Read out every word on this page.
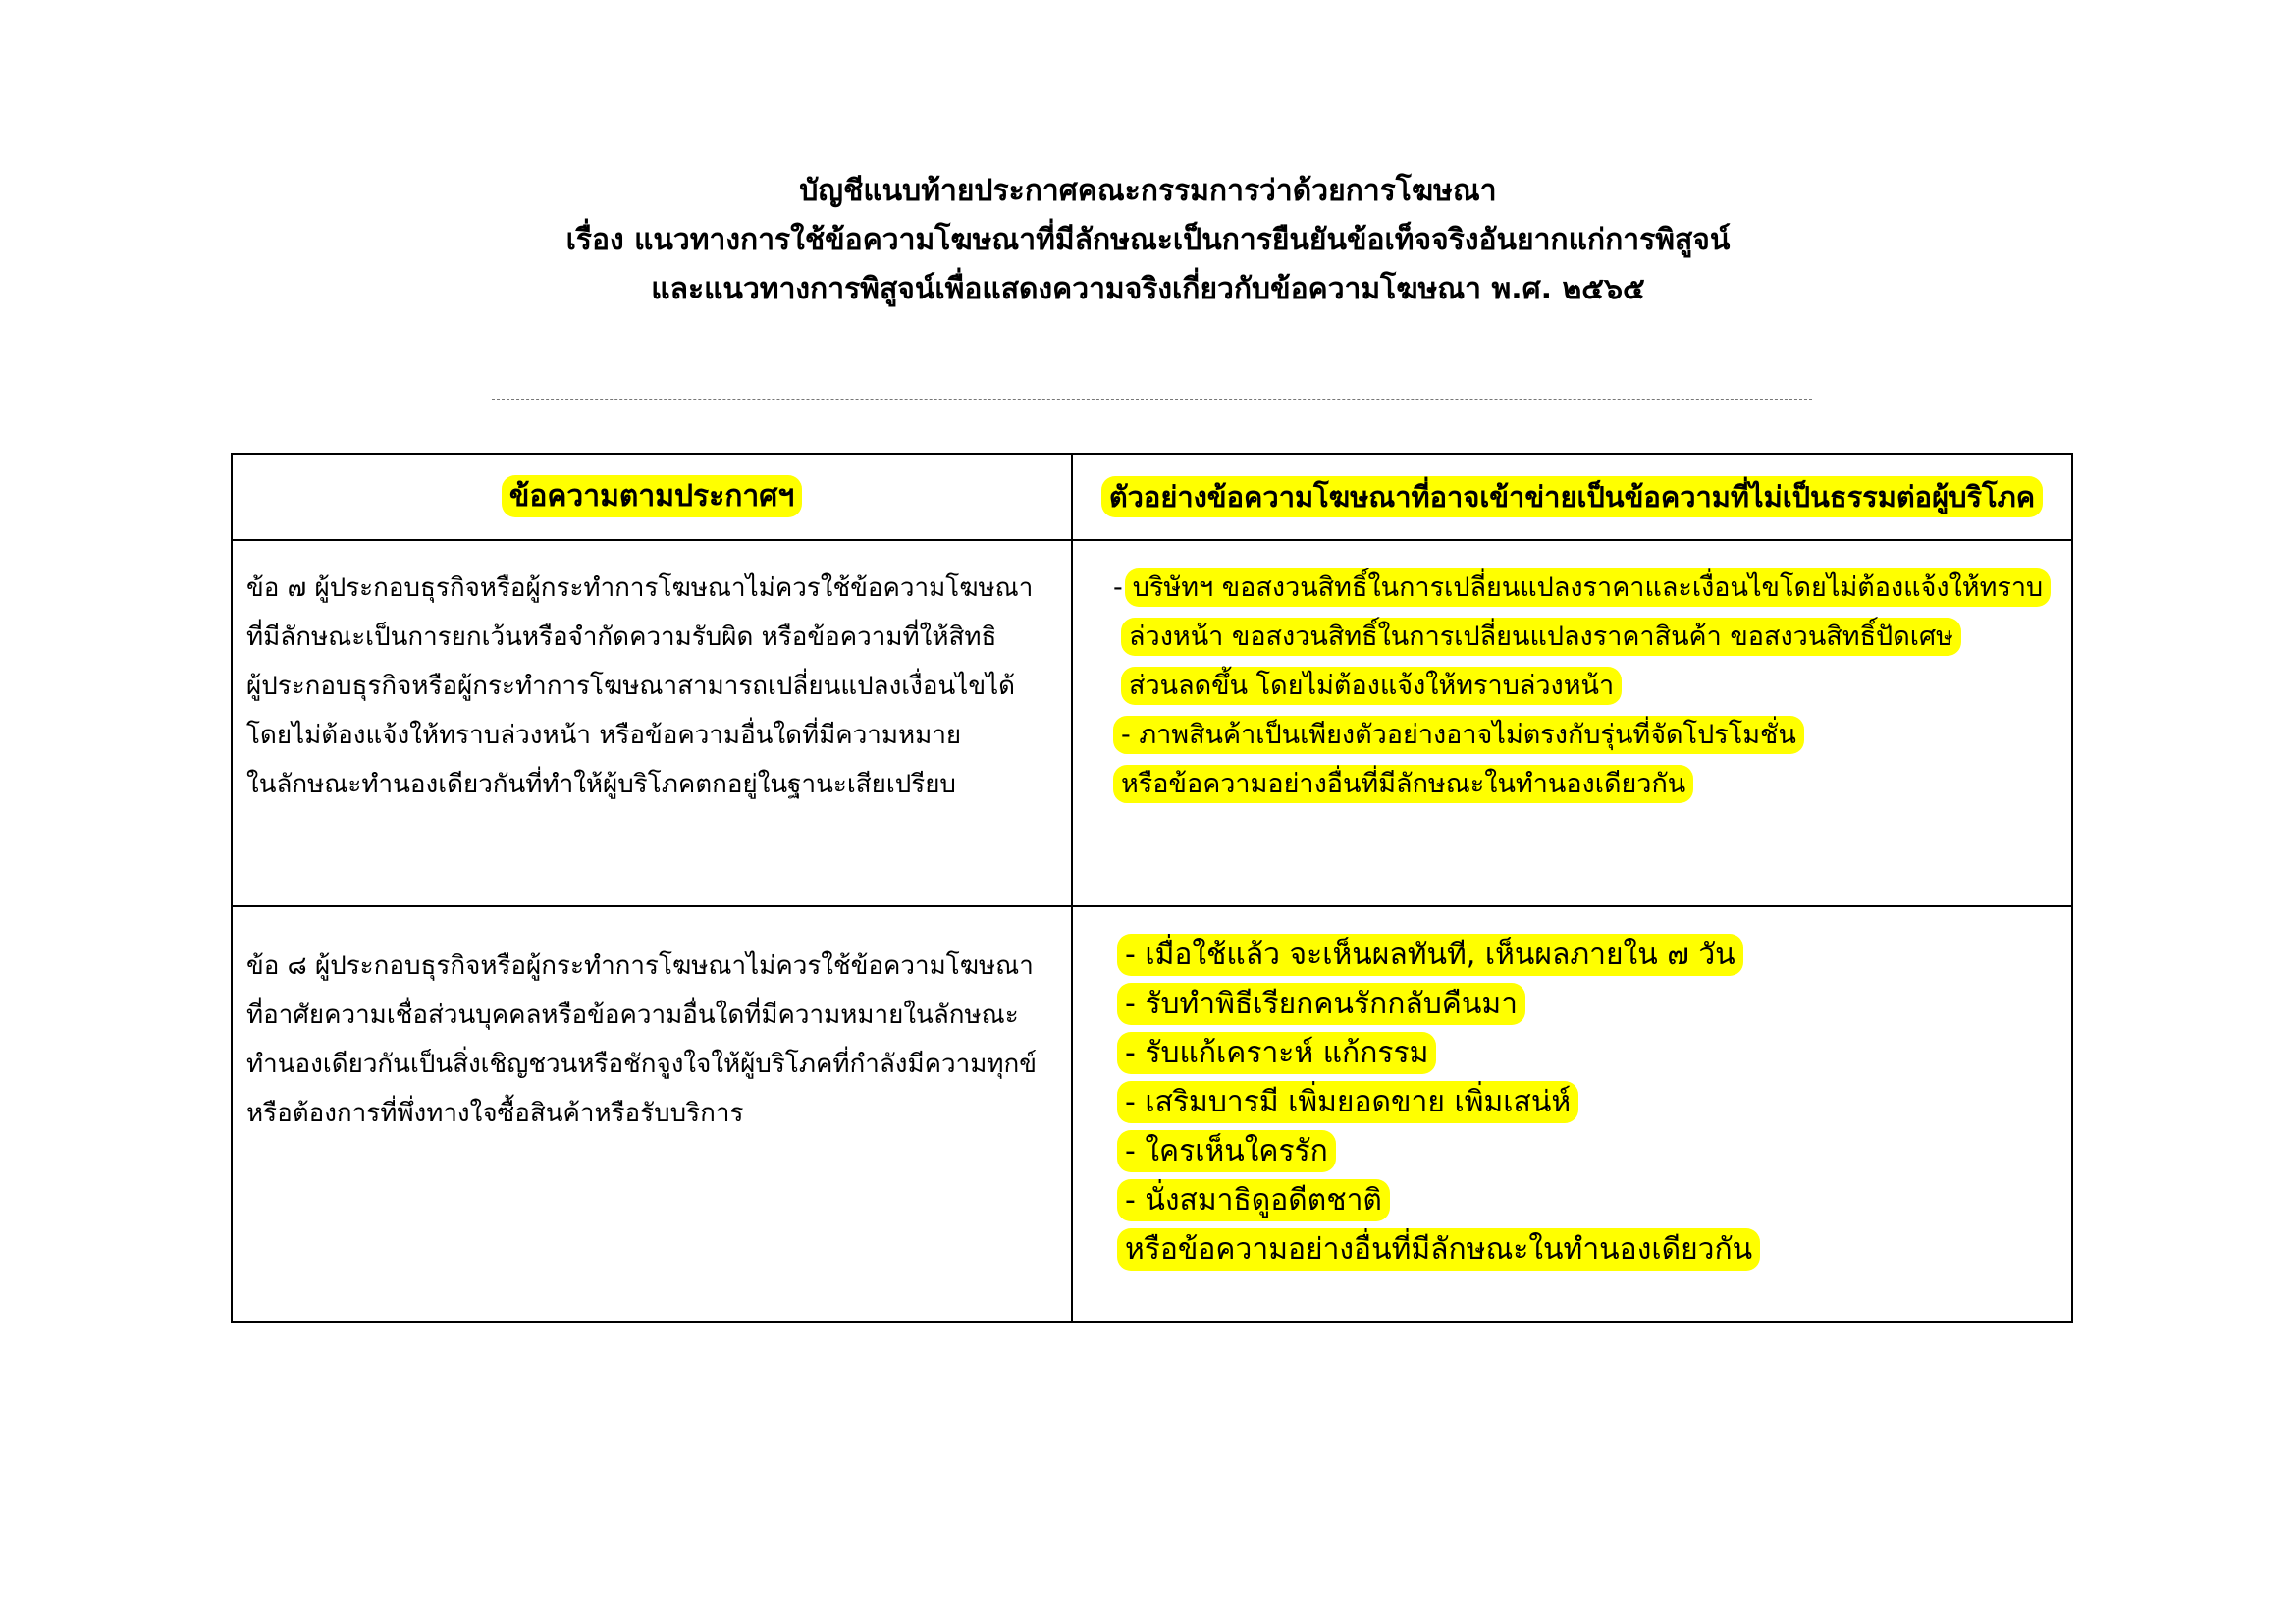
บัญชีแนบท้ายประกาศคณะกรรมการว่าด้วยการโฆษณา
เรื่อง แนวทางการใช้ข้อความโฆษณาที่มีลักษณะเป็นการยืนยันข้อเท็จจริงอันยากแก่การพิสูจน์
และแนวทางการพิสูจน์เพื่อแสดงความจริงเกี่ยวกับข้อความโฆษณา พ.ศ. ๒๕๖๕
ข้อความตามประกาศฯ	ตัวอย่างข้อความโฆษณาที่อาจเข้าข่ายเป็นข้อความที่ไม่เป็นธรรมต่อผู้บริโภค
ข้อ ๗ ผู้ประกอบธุรกิจหรือผู้กระทำการโฆษณาไม่ควรใช้ข้อความโฆษณา
ที่มีลักษณะเป็นการยกเว้นหรือจำกัดความรับผิด หรือข้อความที่ให้สิทธิ
ผู้ประกอบธุรกิจหรือผู้กระทำการโฆษณาสามารถเปลี่ยนแปลงเงื่อนไขได้
โดยไม่ต้องแจ้งให้ทราบล่วงหน้า หรือข้อความอื่นใดที่มีความหมาย
ในลักษณะทำนองเดียวกันที่ทำให้ผู้บริโภคตกอยู่ในฐานะเสียเปรียบ
- บริษัทฯ ขอสงวนสิทธิ์ในการเปลี่ยนแปลงราคาและเงื่อนไขโดยไม่ต้องแจ้งให้ทราบ
ล่วงหน้า ขอสงวนสิทธิ์ในการเปลี่ยนแปลงราคาสินค้า ขอสงวนสิทธิ์ปัดเศษ
ส่วนลดขึ้น โดยไม่ต้องแจ้งให้ทราบล่วงหน้า
- ภาพสินค้าเป็นเพียงตัวอย่างอาจไม่ตรงกับรุ่นที่จัดโปรโมชั่น
หรือข้อความอย่างอื่นที่มีลักษณะในทำนองเดียวกัน
ข้อ ๘ ผู้ประกอบธุรกิจหรือผู้กระทำการโฆษณาไม่ควรใช้ข้อความโฆษณา
ที่อาศัยความเชื่อส่วนบุคคลหรือข้อความอื่นใดที่มีความหมายในลักษณะ
ทำนองเดียวกันเป็นสิ่งเชิญชวนหรือชักจูงใจให้ผู้บริโภคที่กำลังมีความทุกข์
หรือต้องการที่พึ่งทางใจซื้อสินค้าหรือรับบริการ
- เมื่อใช้แล้ว จะเห็นผลทันที, เห็นผลภายใน ๗ วัน
- รับทำพิธีเรียกคนรักกลับคืนมา
- รับแก้เคราะห์ แก้กรรม
- เสริมบารมี เพิ่มยอดขาย เพิ่มเสน่ห์
- ใครเห็นใครรัก
- นั่งสมาธิดูอดีตชาติ
หรือข้อความอย่างอื่นที่มีลักษณะในทำนองเดียวกัน
